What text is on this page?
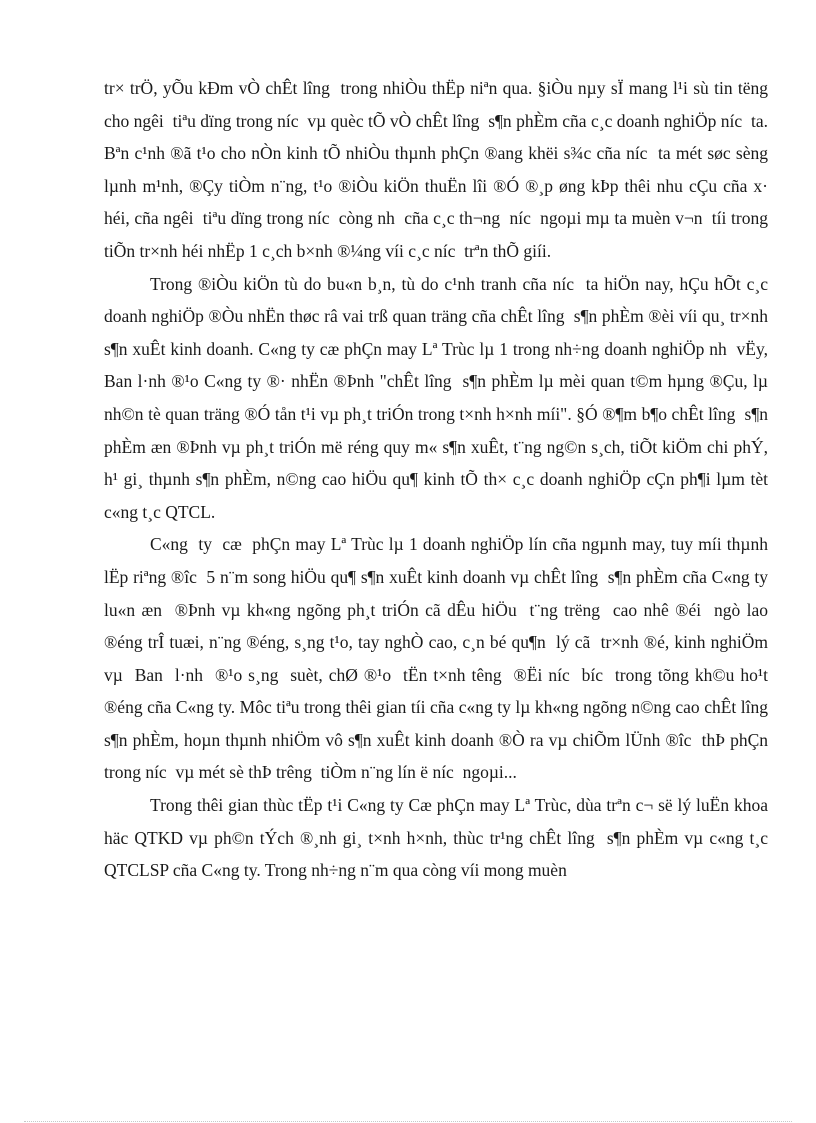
tr× trÖ, yÕu kÐm vÒ chÊt lîng  trong nhiÒu thËp niªn qua. §iÒu nµy sÏ mang l¹i sù tin tëng  cho ngêi  tiªu dïng trong níc  vµ quèc tÕ vÒ chÊt lîng  s¶n phÈm cña c¸c doanh nghiÖp níc  ta. Bªn c¹nh ®ã t¹o cho nÒn kinh tÕ nhiÒu thµnh phÇn ®ang khëi s¾c cña níc  ta mét søc sèng lµnh m¹nh, ®Çy tiÒm n¨ng, t¹o ®iÒu kiÖn thuËn lîi ®Ó ®¸p øng kÞp thêi nhu cÇu cña x· héi, cña ngêi  tiªu dïng trong níc  còng nh  cña c¸c th¬ng  níc  ngoµi mµ ta muèn v¬n  tíi trong tiÕn tr×nh héi nhËp 1 c¸ch b×nh ®¼ng víi c¸c níc  trªn thÕ giíi.

Trong ®iÒu kiÖn tù do bu«n b¸n, tù do c¹nh tranh cña níc  ta hiÖn nay, hÇu hÕt c¸c doanh nghiÖp ®Òu nhËn thøc râ vai trß quan träng cña chÊt lîng  s¶n phÈm ®èi víi qu¸ tr×nh s¶n xuÊt kinh doanh. C«ng ty cæ phÇn may Lª Trùc lµ 1 trong nh÷ng doanh nghiÖp nh  vËy, Ban l·nh ®¹o C«ng ty ®· nhËn ®Þnh "chÊt lîng  s¶n phÈm lµ mèi quan t©m hµng ®Çu, lµ nh©n tè quan träng ®Ó tån t¹i vµ ph¸t triÓn trong t×nh h×nh míi". §Ó ®¶m b¶o chÊt lîng  s¶n phÈm æn ®Þnh vµ ph¸t triÓn më réng quy m« s¶n xuÊt, t¨ng ng©n s¸ch, tiÕt kiÖm chi phÝ, h¹ gi¸ thµnh s¶n phÈm, n©ng cao hiÖu qu¶ kinh tÕ th× c¸c doanh nghiÖp cÇn ph¶i lµm tèt c«ng t¸c QTCL.

C«ng  ty  cæ  phÇn may Lª Trùc lµ 1 doanh nghiÖp lín cña ngµnh may, tuy míi thµnh lËp riªng ®îc  5 n¨m song hiÖu qu¶ s¶n xuÊt kinh doanh vµ chÊt lîng  s¶n phÈm cña C«ng ty lu«n æn  ®Þnh vµ kh«ng ngõng ph¸t triÓn cã dÊu hiÖu  t¨ng trëng  cao nhê ®éi  ngò lao ®éng trÎ tuæi, n¨ng ®éng, s¸ng t¹o, tay nghÒ cao, c¸n bé qu¶n  lý cã  tr×nh ®é, kinh nghiÖm vµ  Ban  l·nh  ®¹o s¸ng  suèt, chØ ®¹o  tËn t×nh têng  ®Ëi níc  bíc  trong tõng kh©u ho¹t ®éng cña C«ng ty. Môc tiªu trong thêi gian tíi cña c«ng ty lµ kh«ng ngõng n©ng cao chÊt lîng  s¶n phÈm, hoµn thµnh nhiÖm vô s¶n xuÊt kinh doanh ®Ò ra vµ chiÕm lÜnh ®îc  thÞ phÇn trong níc  vµ mét sè thÞ trêng  tiÒm n¨ng lín ë níc  ngoµi...

Trong thêi gian thùc tËp t¹i C«ng ty Cæ phÇn may Lª Trùc, dùa trªn c¬ së lý luËn khoa häc QTKD vµ ph©n tÝch ®¸nh gi¸ t×nh h×nh, thùc tr¹ng chÊt lîng  s¶n phÈm vµ c«ng t¸c QTCLSP cña C«ng ty. Trong nh÷ng n¨m qua còng víi mong muèn
